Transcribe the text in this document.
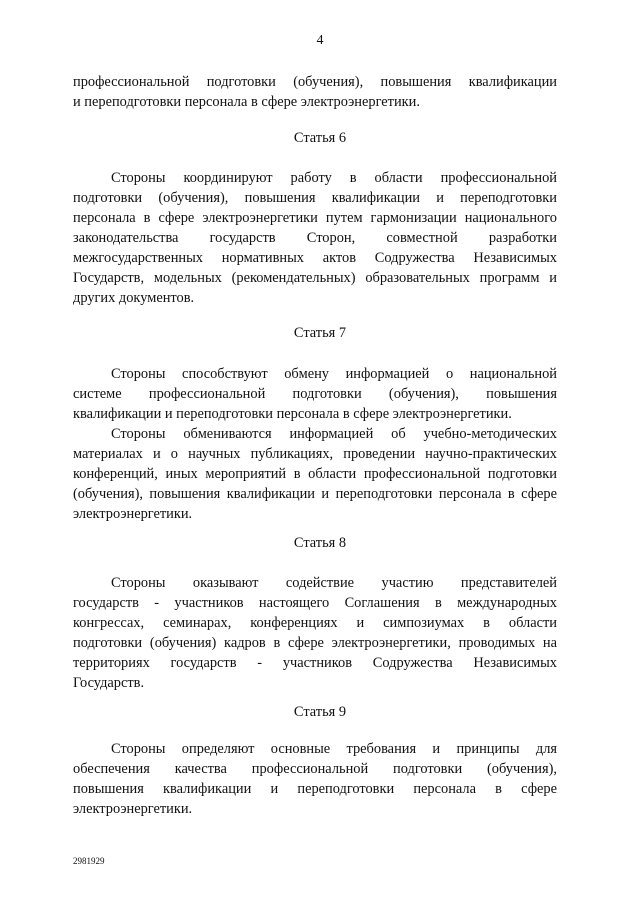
4
профессиональной подготовки (обучения), повышения квалификации
и переподготовки персонала в сфере электроэнергетики.
Статья 6
Стороны координируют работу в области профессиональной
подготовки (обучения), повышения квалификации и переподготовки
персонала в сфере электроэнергетики путем гармонизации национального
законодательства государств Сторон, совместной разработки
межгосударственных нормативных актов Содружества Независимых
Государств, модельных (рекомендательных) образовательных программ и
других документов.
Статья 7
Стороны способствуют обмену информацией о национальной
системе профессиональной подготовки (обучения), повышения
квалификации и переподготовки персонала в сфере электроэнергетики.
Стороны обмениваются информацией об учебно-методических
материалах и о научных публикациях, проведении научно-практических
конференций, иных мероприятий в области профессиональной подготовки
(обучения), повышения квалификации и переподготовки персонала в сфере
электроэнергетики.
Статья 8
Стороны оказывают содействие участию представителей
государств - участников настоящего Соглашения в международных
конгрессах, семинарах, конференциях и симпозиумах в области
подготовки (обучения) кадров в сфере электроэнергетики, проводимых на
территориях государств - участников Содружества Независимых
Государств.
Статья 9
Стороны определяют основные требования и принципы для
обеспечения качества профессиональной подготовки (обучения),
повышения квалификации и переподготовки персонала в сфере
электроэнергетики.
2981929
